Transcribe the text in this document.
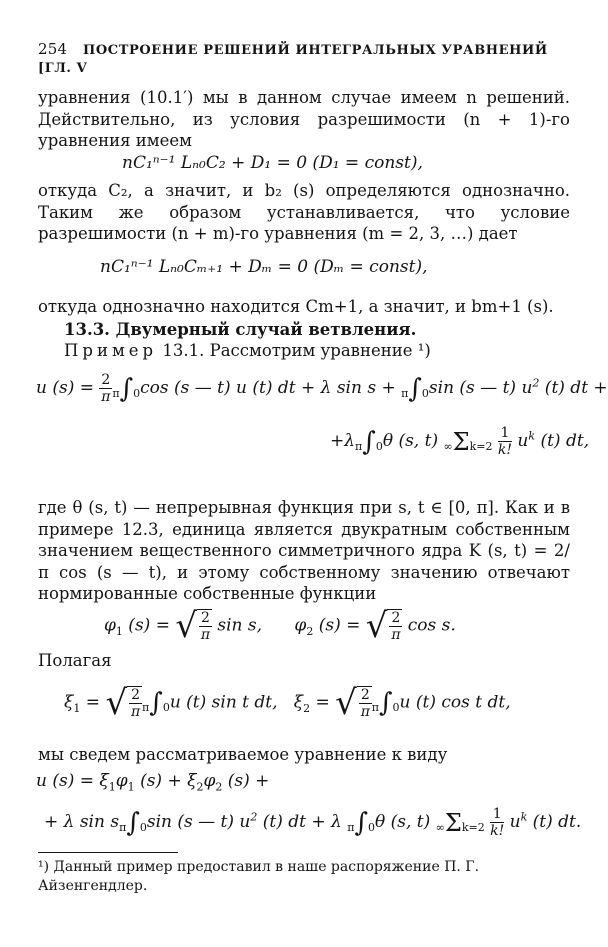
254 ПОСТРОЕНИЕ РЕШЕНИЙ ИНТЕГРАЛЬНЫХ УРАВНЕНИЙ [ГЛ. V
уравнения (10.1′) мы в данном случае имеем n решений. Действительно, из условия разрешимости (n + 1)-го уравнения имеем
nC₁ⁿ⁻¹ Lₙ₀C₂ + D₁ = 0 (D₁ = const),
откуда C₂, а значит, и b₂ (s) определяются однозначно. Таким же образом устанавливается, что условие разрешимости (n + m)-го уравнения (m = 2, 3, …) дает
nC₁ⁿ⁻¹ Lₙ₀Cₘ₊₁ + Dₘ = 0 (Dₘ = const),
откуда однозначно находится Cm+1, а значит, и bm+1 (s).
13.3. Двумерный случай ветвления.
Пример 13.1. Рассмотрим уравнение ¹)
u $(s) = \frac{2}{\pi} \pi\int 0\cos$ (s — t) u (t) dt + λ sin s + π∫0sin (s — t) $u^2$ (t) dt +
+λπ∫0θ (s, t) $\infty\Sigma k=2 \frac{1}{k!} u^k$ (t) dt,
где θ (s, t) — непрерывная функция при s, t ∈ [0, π]. Как и в примере 12.3, единица является двукратным собственным значением вещественного симметричного ядра K (s, t) = 2/π cos (s — t), и этому собственному значению отвечают нормированные собственные функции
$\varphi_1$ (s) = √ $\frac{2}{\pi}$ sin s,      $\varphi_2$ (s) = √ $\frac{2}{\pi}$ cos s.
Полагая
$\xi_1$ = √ $\frac{2}{\pi} \pi\int 0u$ (t) sin t dt,   $\xi_2$ = √ $\frac{2}{\pi} \pi\int 0u$ (t) cos t dt,
мы сведем рассматриваемое уравнение к виду
u $(s) = \xi_1\varphi_1$ $(s) + \xi_2\varphi_2$ (s) +
+ λ sin sπ∫0sin (s — t) $u^2$ (t) dt + λ π∫0θ (s, t) $\infty\Sigma k=2 \frac{1}{k!} u^k$ (t) dt.
¹) Данный пример предоставил в наше распоряжение П. Г. Айзенгендлер.
